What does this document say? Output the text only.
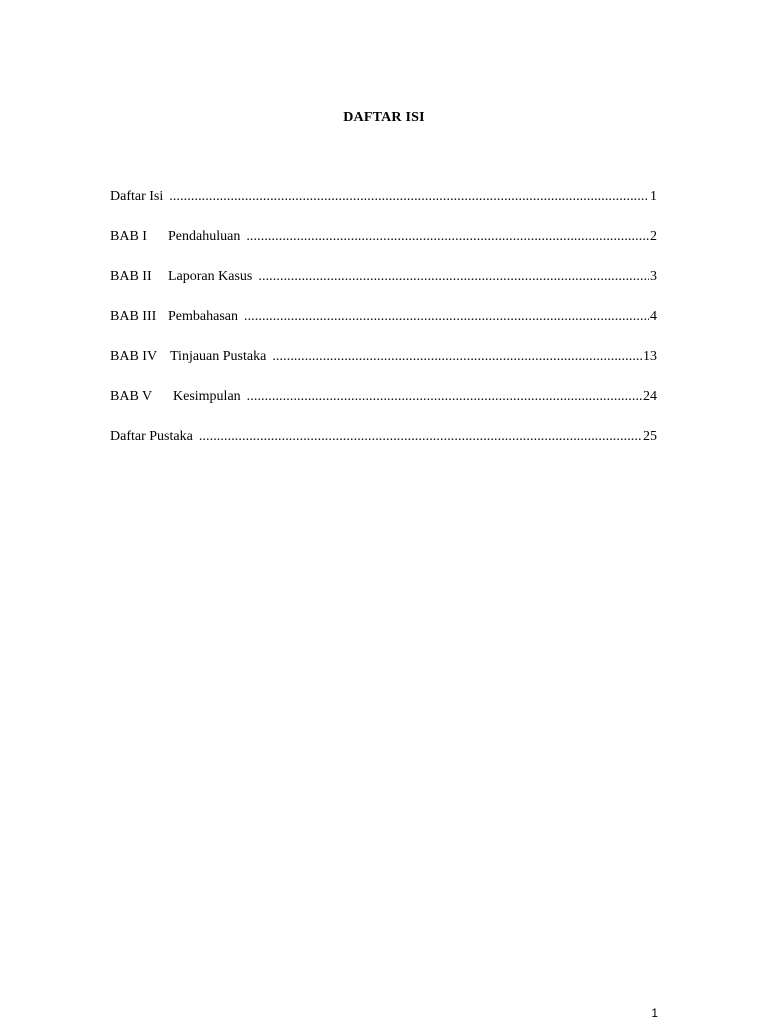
DAFTAR ISI
Daftar Isi .....	1
BAB I	Pendahuluan .....	2
BAB II	Laporan Kasus .....	3
BAB III Pembahasan .....	4
BAB IV Tinjauan Pustaka .....	13
BAB V	Kesimpulan .....	24
Daftar Pustaka .....	25
1
